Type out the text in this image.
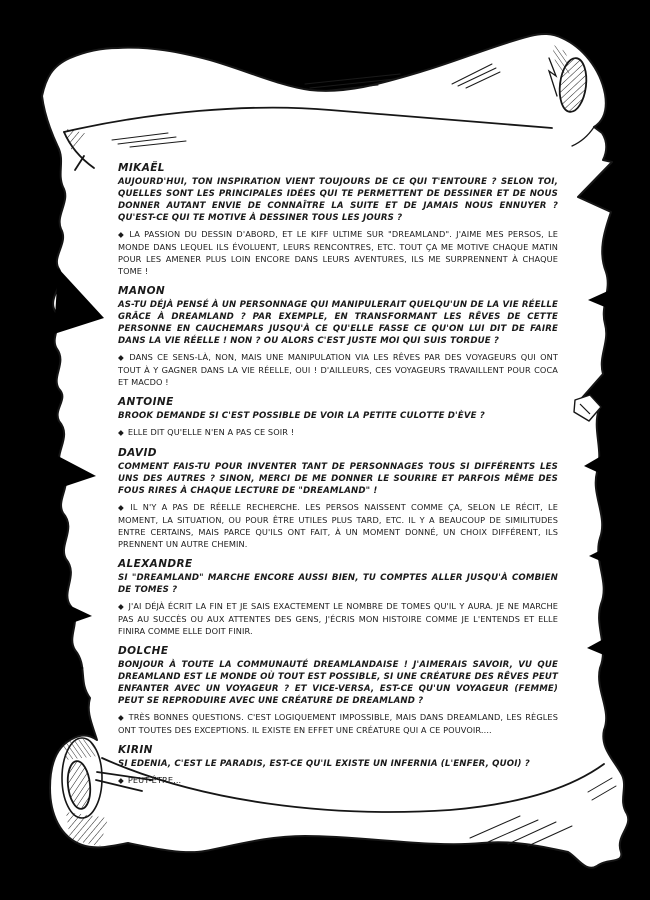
MIKAËL

AUJOURD'HUI, TON INSPIRATION VIENT TOUJOURS DE CE QUI T'ENTOURE ? SELON TOI, QUELLES SONT LES PRINCIPALES IDÉES QUI TE PERMETTENT DE DESSINER ET DE NOUS DONNER AUTANT ENVIE DE CONNAÎTRE LA SUITE ET DE JAMAIS NOUS ENNUYER ? QU'EST-CE QUI TE MOTIVE À DESSINER TOUS LES JOURS ?

◆ LA PASSION DU DESSIN D'ABORD, ET LE KIFF ULTIME SUR "DREAMLAND". J'AIME MES PERSOS, LE MONDE DANS LEQUEL ILS ÉVOLUENT, LEURS RENCONTRES, ETC. TOUT ÇA ME MOTIVE CHAQUE MATIN POUR LES AMENER PLUS LOIN ENCORE DANS LEURS AVENTURES, ILS ME SURPRENNENT À CHAQUE TOME !

MANON

AS-TU DÉJÀ PENSÉ À UN PERSONNAGE QUI MANIPULERAIT QUELQU'UN DE LA VIE RÉELLE GRÂCE À DREAMLAND ? PAR EXEMPLE, EN TRANSFORMANT LES RÊVES DE CETTE PERSONNE EN CAUCHEMARS JUSQU'À CE QU'ELLE FASSE CE QU'ON LUI DIT DE FAIRE DANS LA VIE RÉELLE ! NON ? OU ALORS C'EST JUSTE MOI QUI SUIS TORDUE ?

◆ DANS CE SENS-LÀ, NON, MAIS UNE MANIPULATION VIA LES RÊVES PAR DES VOYAGEURS QUI ONT TOUT À Y GAGNER DANS LA VIE RÉELLE, OUI ! D'AILLEURS, CES VOYAGEURS TRAVAILLENT POUR COCA ET MACDO !

ANTOINE

BROOK DEMANDE SI C'EST POSSIBLE DE VOIR LA PETITE CULOTTE D'ÈVE ?

◆ ELLE DIT QU'ELLE N'EN A PAS CE SOIR !

DAVID

COMMENT FAIS-TU POUR INVENTER TANT DE PERSONNAGES TOUS SI DIFFÉRENTS LES UNS DES AUTRES ? SINON, MERCI DE ME DONNER LE SOURIRE ET PARFOIS MÊME DES FOUS RIRES À CHAQUE LECTURE DE "DREAMLAND" !

◆ IL N'Y A PAS DE RÉELLE RECHERCHE. LES PERSOS NAISSENT COMME ÇA, SELON LE RÉCIT, LE MOMENT, LA SITUATION, OU POUR ÊTRE UTILES PLUS TARD, ETC. IL Y A BEAUCOUP DE SIMILITUDES ENTRE CERTAINS, MAIS PARCE QU'ILS ONT FAIT, À UN MOMENT DONNÉ, UN CHOIX DIFFÉRENT, ILS PRENNENT UN AUTRE CHEMIN.

ALEXANDRE

SI "DREAMLAND" MARCHE ENCORE AUSSI BIEN, TU COMPTES ALLER JUSQU'À COMBIEN DE TOMES ?

◆ J'AI DÉJÀ ÉCRIT LA FIN ET JE SAIS EXACTEMENT LE NOMBRE DE TOMES QU'IL Y AURA. JE NE MARCHE PAS AU SUCCÈS OU AUX ATTENTES DES GENS, J'ÉCRIS MON HISTOIRE COMME JE L'ENTENDS ET ELLE FINIRA COMME ELLE DOIT FINIR.

DOLCHE

BONJOUR À TOUTE LA COMMUNAUTÉ DREAMLANDAISE ! J'AIMERAIS SAVOIR, VU QUE DREAMLAND EST LE MONDE OÙ TOUT EST POSSIBLE, SI UNE CRÉATURE DES RÊVES PEUT ENFANTER AVEC UN VOYAGEUR ? ET VICE-VERSA, EST-CE QU'UN VOYAGEUR (FEMME) PEUT SE REPRODUIRE AVEC UNE CRÉATURE DE DREAMLAND ?

◆ TRÈS BONNES QUESTIONS. C'EST LOGIQUEMENT IMPOSSIBLE, MAIS DANS DREAMLAND, LES RÈGLES ONT TOUTES DES EXCEPTIONS. IL EXISTE EN EFFET UNE CRÉATURE QUI A CE POUVOIR....

KIRIN

SI EDENIA, C'EST LE PARADIS, EST-CE QU'IL EXISTE UN INFERNIA (L'ENFER, QUOI) ?

◆ PEUT-ÊTRE...
